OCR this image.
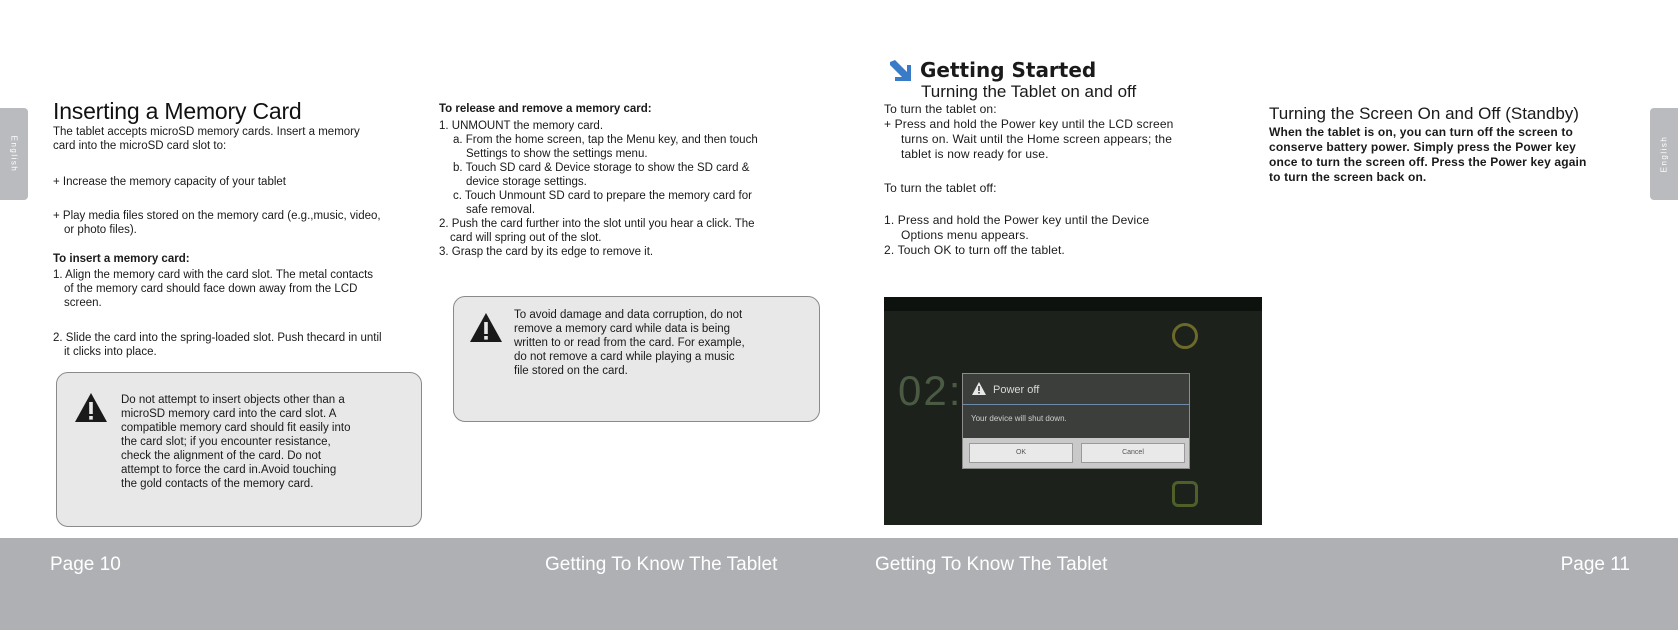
English
Inserting a Memory Card
The tablet accepts microSD memory cards. Insert a memory
card into the microSD card slot to:
+ Increase the memory capacity of your tablet
+ Play media files stored on the memory card (e.g.,music, video,
or photo files).
To insert a memory card:
1. Align the memory card with the card slot. The metal contacts
of the memory card should face down away from the LCD
screen.
2. Slide the card into the spring-loaded slot. Push thecard in until
it clicks into place.
Do not attempt to insert objects other than a
microSD memory card into the card slot. A
compatible memory card should fit easily into
the card slot; if you encounter resistance,
check the alignment of the card. Do not
attempt to force the card in.Avoid touching
the gold contacts of the memory card.
To release and remove a memory card:
1. UNMOUNT the memory card.
a. From the home screen, tap the Menu key, and then touch
Settings to show the settings menu.
b. Touch SD card & Device storage to show the SD card &
device storage settings.
c. Touch Unmount SD card to prepare the memory card for
safe removal.
2. Push the card further into the slot until you hear a click. The
card will spring out of the slot.
3. Grasp the card by its edge to remove it.
To avoid damage and data corruption, do not
remove a memory card while data is being
written to or read from the card. For example,
do not remove a card while playing a music
file stored on the card.
Getting Started
Turning the Tablet on and off
To turn the tablet on:
+ Press and hold the Power key until the LCD screen
turns on. Wait until the Home screen appears; the
tablet is now ready for use.
To turn the tablet off:
1. Press and hold the Power key until the Device
Options menu appears.
2. Touch OK to turn off the tablet.
02:	Power off
Your device will shut down.
OK	Cancel
Turning the Screen On and Off (Standby)
When the tablet is on, you can turn off the screen to
conserve battery power. Simply press the Power key
once to turn the screen off. Press the Power key again
to turn the screen back on.
English
Page 10	Getting To Know The Tablet	Getting To Know The Tablet	Page 11
